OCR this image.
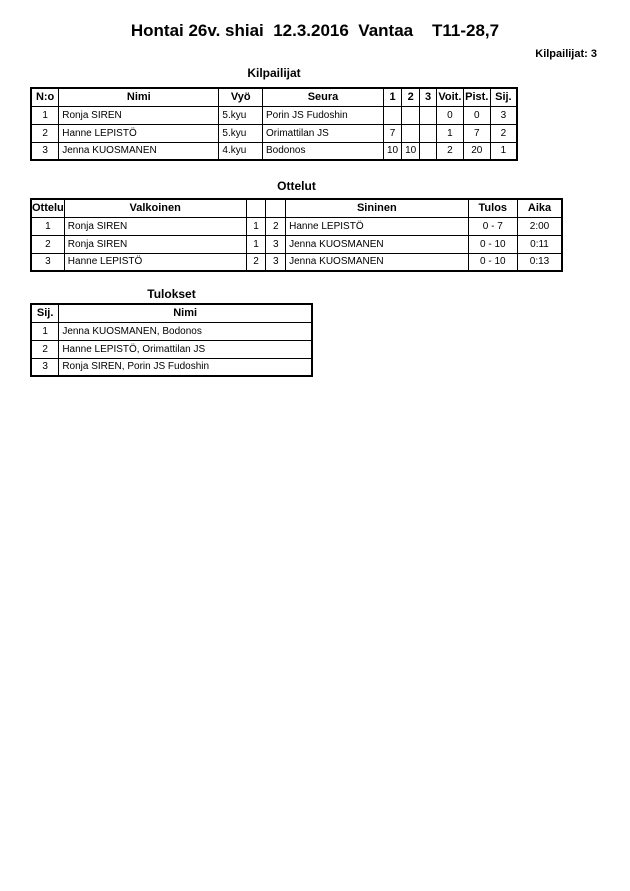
Hontai 26v. shiai  12.3.2016  Vantaa    T11-28,7
Kilpailijat: 3
Kilpailijat
N:o	Nimi	Vyö	Seura	1	2	3	Voit.	Pist.	Sij.
1	Ronja SIREN	5.kyu	Porin JS Fudoshin				0	0	3
2	Hanne LEPISTÖ	5.kyu	Orimattilan JS	7			1	7	2
3	Jenna KUOSMANEN	4.kyu	Bodonos	10	10		2	20	1
Ottelut
Ottelu	Valkoinen			Sininen	Tulos	Aika
1	Ronja SIREN	1	2	Hanne LEPISTÖ	0 - 7	2:00
2	Ronja SIREN	1	3	Jenna KUOSMANEN	0 - 10	0:11
3	Hanne LEPISTÖ	2	3	Jenna KUOSMANEN	0 - 10	0:13
Tulokset
Sij.	Nimi
1	Jenna KUOSMANEN, Bodonos
2	Hanne LEPISTÖ, Orimattilan JS
3	Ronja SIREN, Porin JS Fudoshin
